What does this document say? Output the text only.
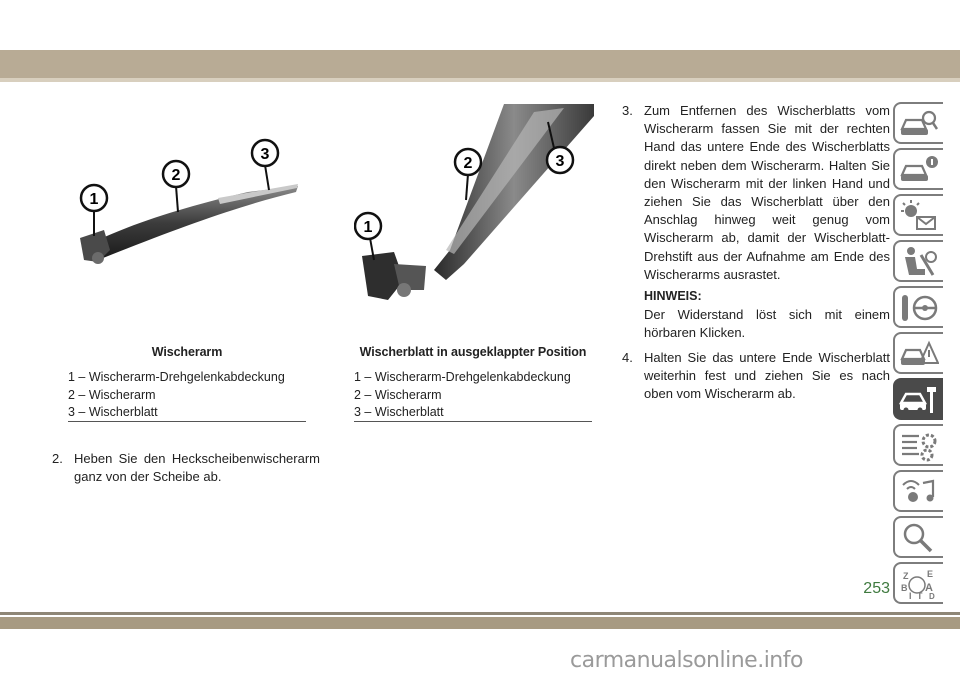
1
2
3
1
2	3
Wischerarm
1 – Wischerarm-Drehgelenkabdeckung
2 – Wischerarm
3 – Wischerblatt
Wischerblatt in ausgeklappter Position
1 – Wischerarm-Drehgelenkabdeckung
2 – Wischerarm
3 – Wischerblatt
2. Heben Sie den Heckscheibenwischerarm ganz von der Scheibe ab.
3. Zum Entfernen des Wischerblatts vom Wischerarm fassen Sie mit der rechten Hand das untere Ende des Wischerblatts direkt neben dem Wischerarm. Halten Sie den Wischerarm mit der linken Hand und ziehen Sie das Wischerblatt über den Anschlag hinweg weit genug vom Wischerarm ab, damit der Wischerblatt-Drehstift aus der Aufnahme am Ende des Wischerarms ausrastet.
HINWEIS:
Der Widerstand löst sich mit einem hörbaren Klicken.
4. Halten Sie das untere Ende Wischerblatt weiterhin fest und ziehen Sie es nach oben vom Wischerarm ab.
Z E
B A
I T D
253
carmanualsonline.info
